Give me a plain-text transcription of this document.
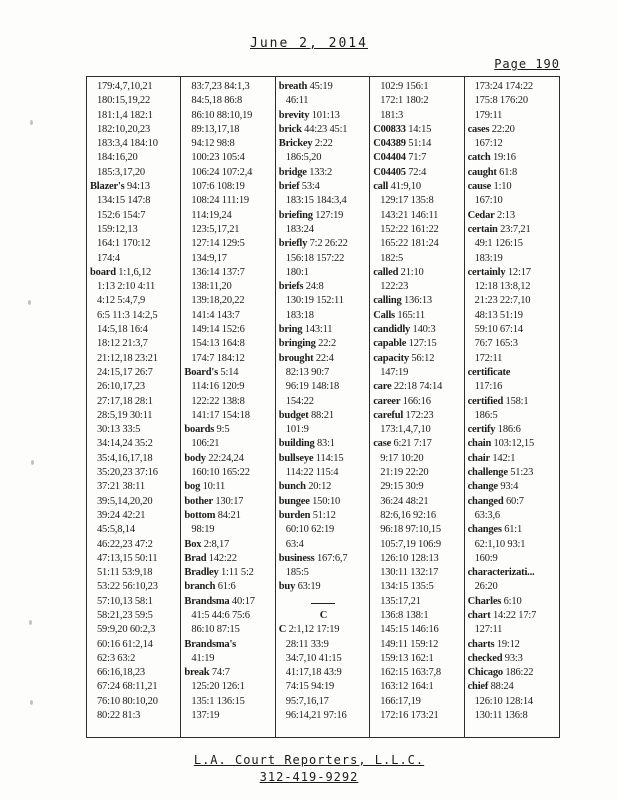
June 2, 2014
Page 190
179:4,7,10,21
180:15,19,22
181:1,4 182:1
182:10,20,23
183:3,4 184:10
184:16,20
185:3,17,20
Blazer's 94:13
134:15 147:8
152:6 154:7
159:12,13
164:1 170:12
174:4
board 1:1,6,12
1:13 2:10 4:11
4:12 5:4,7,9
6:5 11:3 14:2,5
14:5,18 16:4
18:12 21:3,7
21:12,18 23:21
24:15,17 26:7
26:10,17,23
27:17,18 28:1
28:5,19 30:11
30:13 33:5
34:14,24 35:2
35:4,16,17,18
35:20,23 37:16
37:21 38:11
39:5,14,20,20
39:24 42:21
45:5,8,14
46:22,23 47:2
47:13,15 50:11
51:11 53:9,18
53:22 56:10,23
57:10,13 58:1
58:21,23 59:5
59:9,20 60:2,3
60:16 61:2,14
62:3 63:2
66:16,18,23
67:24 68:11,21
76:10 80:10,20
80:22 81:3
83:7,23 84:1,3
84:5,18 86:8
86:10 88:10,19
89:13,17,18
94:12 98:8
100:23 105:4
106:24 107:2,4
107:6 108:19
108:24 111:19
114:19,24
123:5,17,21
127:14 129:5
134:9,17
136:14 137:7
138:11,20
139:18,20,22
141:4 143:7
149:14 152:6
154:13 164:8
174:7 184:12
Board's 5:14
114:16 120:9
122:22 138:8
141:17 154:18
boards 9:5
106:21
body 22:24,24
160:10 165:22
bog 10:11
bother 130:17
bottom 84:21
98:19
Box 2:8,17
Brad 142:22
Bradley 1:11 5:2
branch 61:6
Brandsma 40:17
41:5 44:6 75:6
86:10 87:15
Brandsma's
41:19
break 74:7
125:20 126:1
135:1 136:15
137:19
breath 45:19
46:11
brevity 101:13
brick 44:23 45:1
Brickey 2:22
186:5,20
bridge 133:2
brief 53:4
183:15 184:3,4
briefing 127:19
183:24
briefly 7:2 26:22
156:18 157:22
180:1
briefs 24:8
130:19 152:11
183:18
bring 143:11
bringing 22:2
brought 22:4
82:13 90:7
96:19 148:18
154:22
budget 88:21
101:9
building 83:1
bullseye 114:15
114:22 115:4
bunch 20:12
bungee 150:10
burden 51:12
60:10 62:19
63:4
business 167:6,7
185:5
buy 63:19
C
C 2:1,12 17:19
28:11 33:9
34:7,10 41:15
41:17,18 43:9
74:15 94:19
95:7,16,17
96:14,21 97:16
102:9 156:1
172:1 180:2
181:3
C00833 14:15
C04389 51:14
C04404 71:7
C04405 72:4
call 41:9,10
129:17 135:8
143:21 146:11
152:22 161:22
165:22 181:24
182:5
called 21:10
122:23
calling 136:13
Calls 165:11
candidly 140:3
capable 127:15
capacity 56:12
147:19
care 22:18 74:14
career 166:16
careful 172:23
173:1,4,7,10
case 6:21 7:17
9:17 10:20
21:19 22:20
29:15 30:9
36:24 48:21
82:6,16 92:16
96:18 97:10,15
105:7,19 106:9
126:10 128:13
130:11 132:17
134:15 135:5
135:17,21
136:8 138:1
145:15 146:16
149:11 159:12
159:13 162:1
162:15 163:7,8
163:12 164:1
166:17,19
172:16 173:21
173:24 174:22
175:8 176:20
179:11
cases 22:20
167:12
catch 19:16
caught 61:8
cause 1:10
167:10
Cedar 2:13
certain 23:7,21
49:1 126:15
183:19
certainly 12:17
12:18 13:8,12
21:23 22:7,10
48:13 51:19
59:10 67:14
76:7 165:3
172:11
certificate
117:16
certified 158:1
186:5
certify 186:6
chain 103:12,15
chair 142:1
challenge 51:23
change 93:4
changed 60:7
63:3,6
changes 61:1
62:1,10 93:1
160:9
characterizati...
26:20
Charles 6:10
chart 14:22 17:7
127:11
charts 19:12
checked 93:3
Chicago 186:22
chief 88:24
126:10 128:14
130:11 136:8
L.A. Court Reporters, L.L.C.
312-419-9292
